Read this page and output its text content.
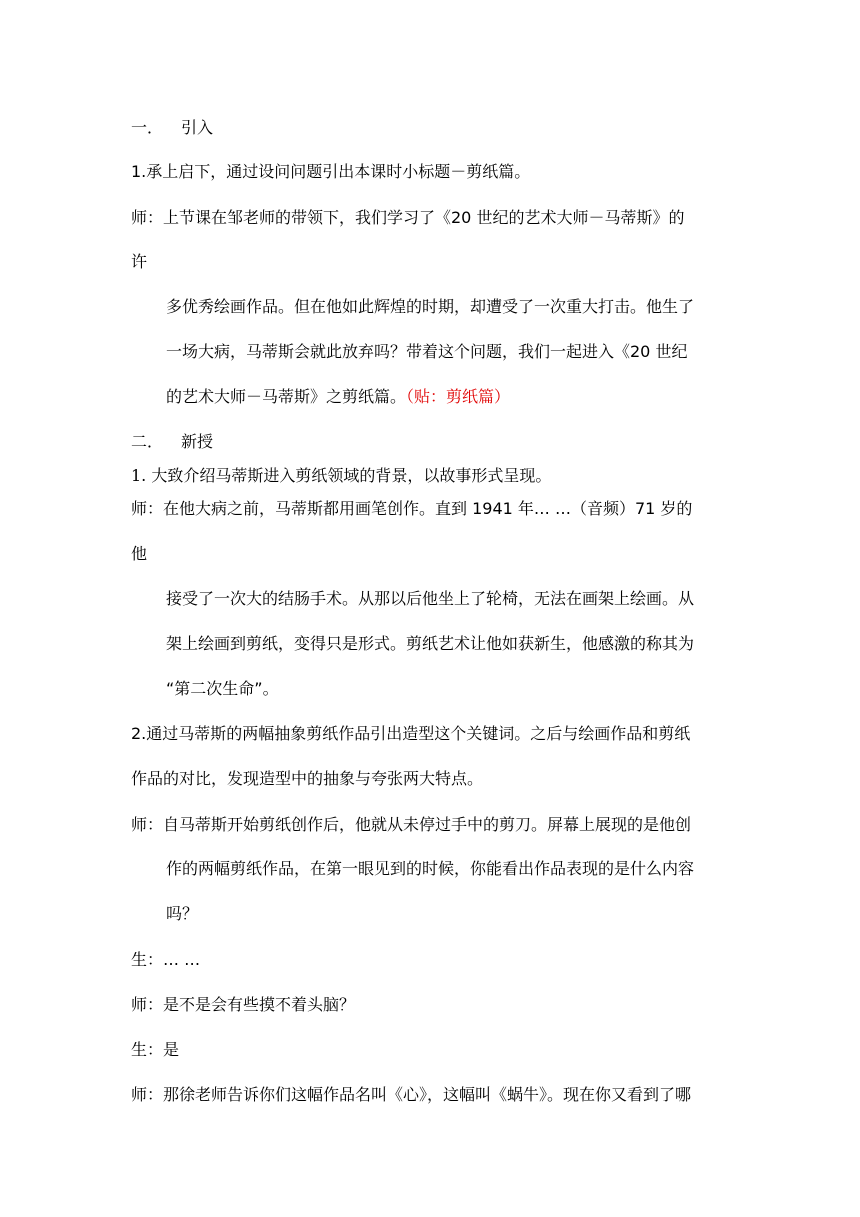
一． 引入
1.承上启下，通过设问问题引出本课时小标题－剪纸篇。
师：上节课在邹老师的带领下，我们学习了《20 世纪的艺术大师－马蒂斯》的
许
多优秀绘画作品。但在他如此辉煌的时期，却遭受了一次重大打击。他生了
一场大病，马蒂斯会就此放弃吗？带着这个问题，我们一起进入《20 世纪
的艺术大师－马蒂斯》之剪纸篇。（贴：剪纸篇）
二． 新授
1. 大致介绍马蒂斯进入剪纸领域的背景，以故事形式呈现。
师：在他大病之前，马蒂斯都用画笔创作。直到 1941 年… …（音频）71 岁的
他
接受了一次大的结肠手术。从那以后他坐上了轮椅，无法在画架上绘画。从
架上绘画到剪纸，变得只是形式。剪纸艺术让他如获新生，他感激的称其为
“第二次生命”。
2.通过马蒂斯的两幅抽象剪纸作品引出造型这个关键词。之后与绘画作品和剪纸
作品的对比，发现造型中的抽象与夸张两大特点。
师：自马蒂斯开始剪纸创作后，他就从未停过手中的剪刀。屏幕上展现的是他创
作的两幅剪纸作品，在第一眼见到的时候，你能看出作品表现的是什么内容
吗？
生：… …
师：是不是会有些摸不着头脑？
生：是
师：那徐老师告诉你们这幅作品名叫《心》，这幅叫《蜗牛》。现在你又看到了哪
